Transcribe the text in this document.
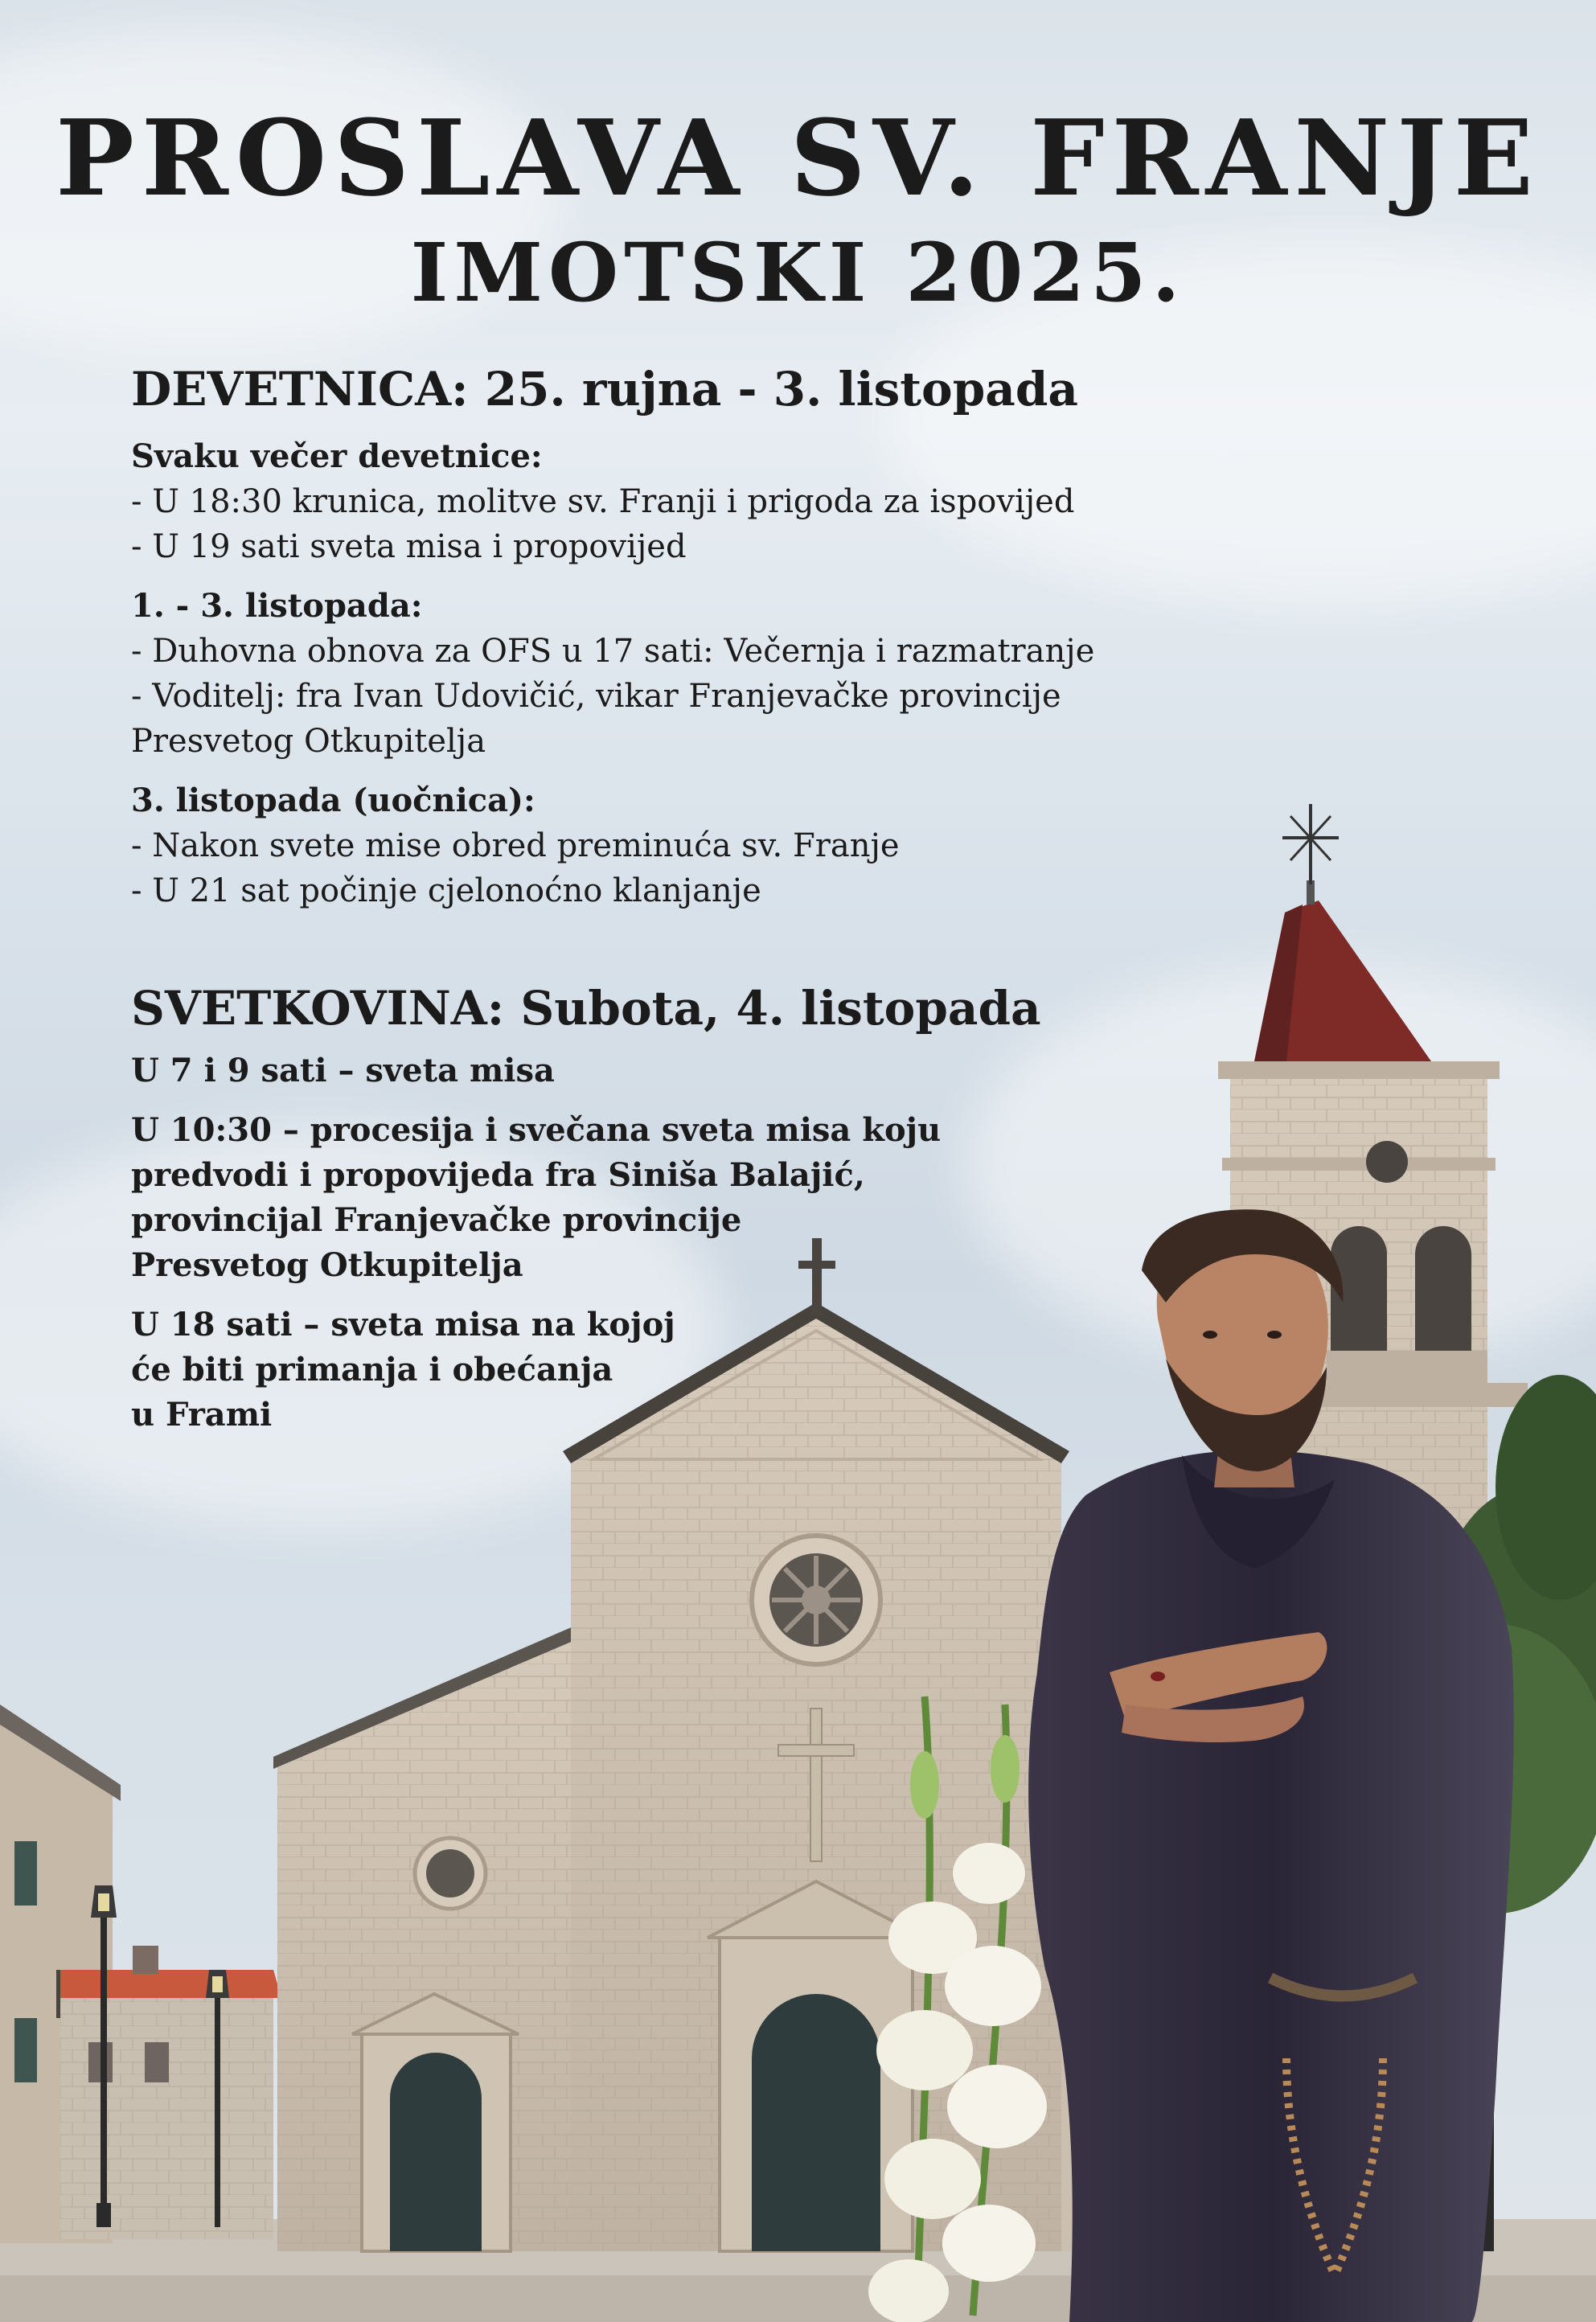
PROSLAVA SV. FRANJE
IMOTSKI 2025.
DEVETNICA: 25. rujna - 3. listopada
Svaku večer devetnice:
- U 18:30 krunica, molitve sv. Franji i prigoda za ispovijed
- U 19 sati sveta misa i propovijed
1. - 3. listopada:
- Duhovna obnova za OFS u 17 sati: Večernja i razmatranje
- Voditelj: fra Ivan Udovičić, vikar Franjevačke provincije
Presvetog Otkupitelja
3. listopada (uočnica):
- Nakon svete mise obred preminuća sv. Franje
- U 21 sat počinje cjelonoćno klanjanje
SVETKOVINA: Subota, 4. listopada
U 7 i 9 sati – sveta misa
U 10:30 – procesija i svečana sveta misa koju
predvodi i propovijeda fra Siniša Balajić,
provincijal Franjevačke provincije
Presvetog Otkupitelja
U 18 sati – sveta misa na kojoj
će biti primanja i obećanja
u Frami
